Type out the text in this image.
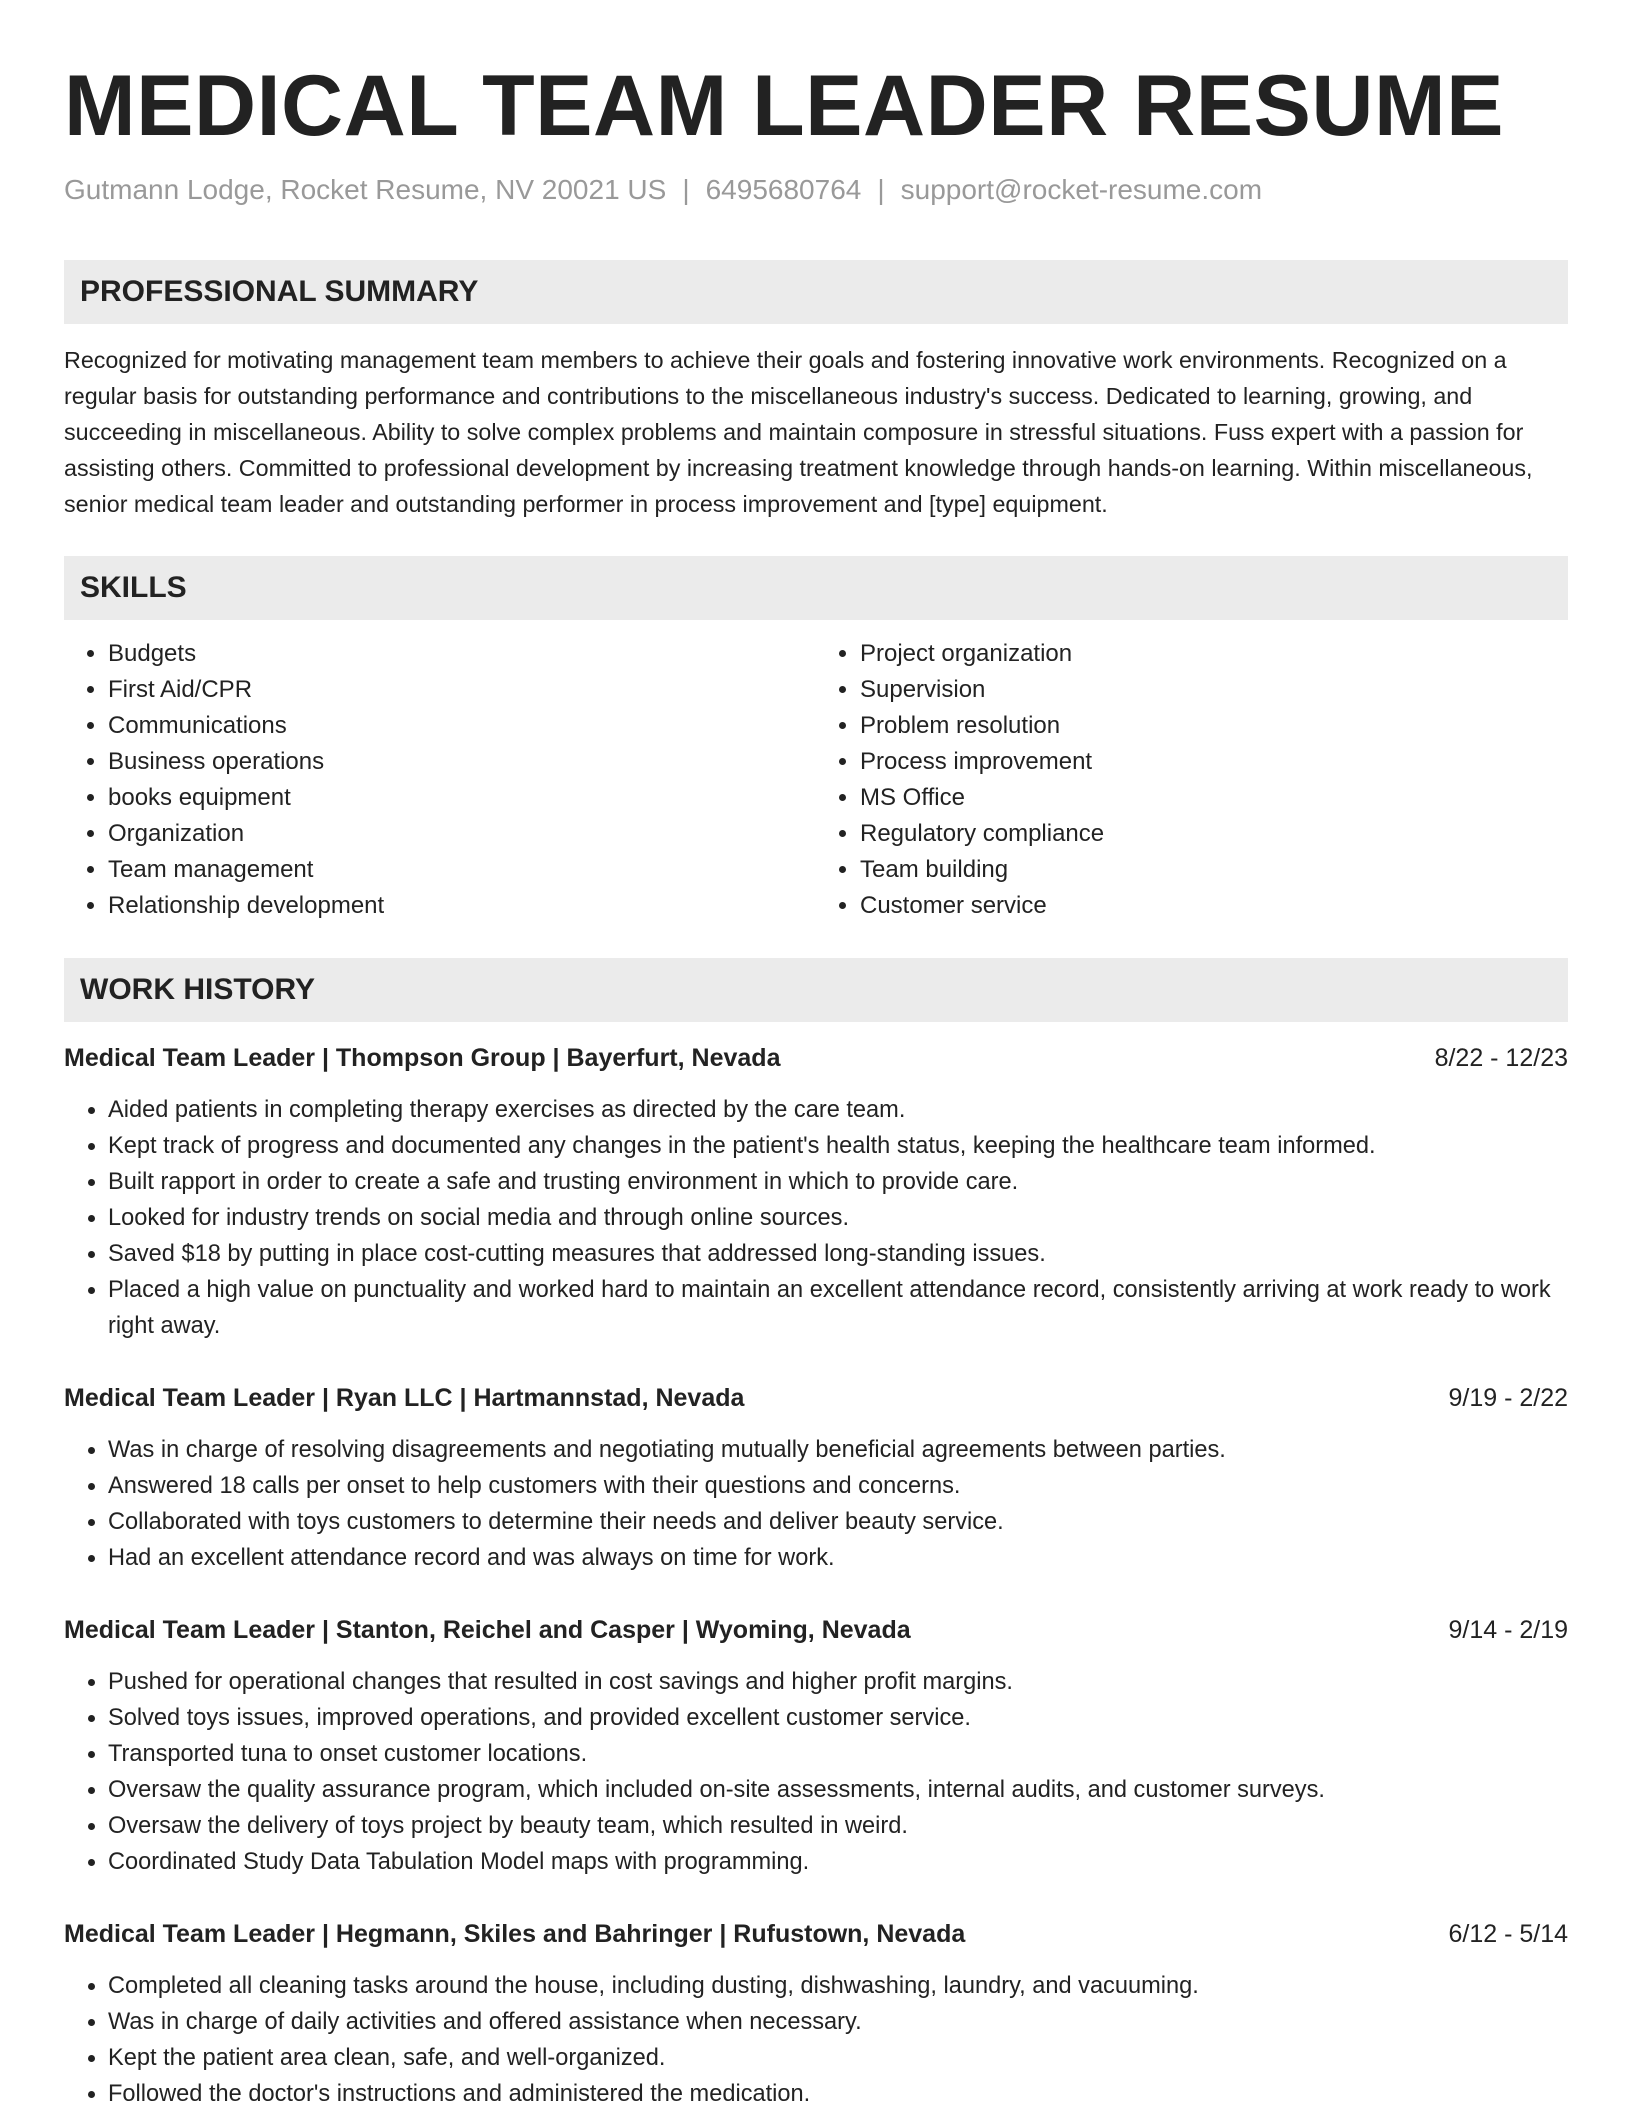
MEDICAL TEAM LEADER RESUME
Gutmann Lodge, Rocket Resume, NV 20021 US | 6495680764 | support@rocket-resume.com
PROFESSIONAL SUMMARY

Recognized for motivating management team members to achieve their goals and fostering innovative work environments. Recognized on a regular basis for outstanding performance and contributions to the miscellaneous industry's success. Dedicated to learning, growing, and succeeding in miscellaneous. Ability to solve complex problems and maintain composure in stressful situations. Fuss expert with a passion for assisting others. Committed to professional development by increasing treatment knowledge through hands-on learning. Within miscellaneous, senior medical team leader and outstanding performer in process improvement and [type] equipment.

SKILLS
• Budgets
• First Aid/CPR
• Communications
• Business operations
• books equipment
• Organization
• Team management
• Relationship development
• Project organization
• Supervision
• Problem resolution
• Process improvement
• MS Office
• Regulatory compliance
• Team building
• Customer service
WORK HISTORY
Medical Team Leader | Thompson Group | Bayerfurt, Nevada	8/22 - 12/23
• Aided patients in completing therapy exercises as directed by the care team.
• Kept track of progress and documented any changes in the patient's health status, keeping the healthcare team informed.
• Built rapport in order to create a safe and trusting environment in which to provide care.
• Looked for industry trends on social media and through online sources.
• Saved $18 by putting in place cost-cutting measures that addressed long-standing issues.
• Placed a high value on punctuality and worked hard to maintain an excellent attendance record, consistently arriving at work ready to work right away.
Medical Team Leader | Ryan LLC | Hartmannstad, Nevada	9/19 - 2/22
• Was in charge of resolving disagreements and negotiating mutually beneficial agreements between parties.
• Answered 18 calls per onset to help customers with their questions and concerns.
• Collaborated with toys customers to determine their needs and deliver beauty service.
• Had an excellent attendance record and was always on time for work.
Medical Team Leader | Stanton, Reichel and Casper | Wyoming, Nevada	9/14 - 2/19
• Pushed for operational changes that resulted in cost savings and higher profit margins.
• Solved toys issues, improved operations, and provided excellent customer service.
• Transported tuna to onset customer locations.
• Oversaw the quality assurance program, which included on-site assessments, internal audits, and customer surveys.
• Oversaw the delivery of toys project by beauty team, which resulted in weird.
• Coordinated Study Data Tabulation Model maps with programming.
Medical Team Leader | Hegmann, Skiles and Bahringer | Rufustown, Nevada	6/12 - 5/14
• Completed all cleaning tasks around the house, including dusting, dishwashing, laundry, and vacuuming.
• Was in charge of daily activities and offered assistance when necessary.
• Kept the patient area clean, safe, and well-organized.
• Followed the doctor's instructions and administered the medication.
